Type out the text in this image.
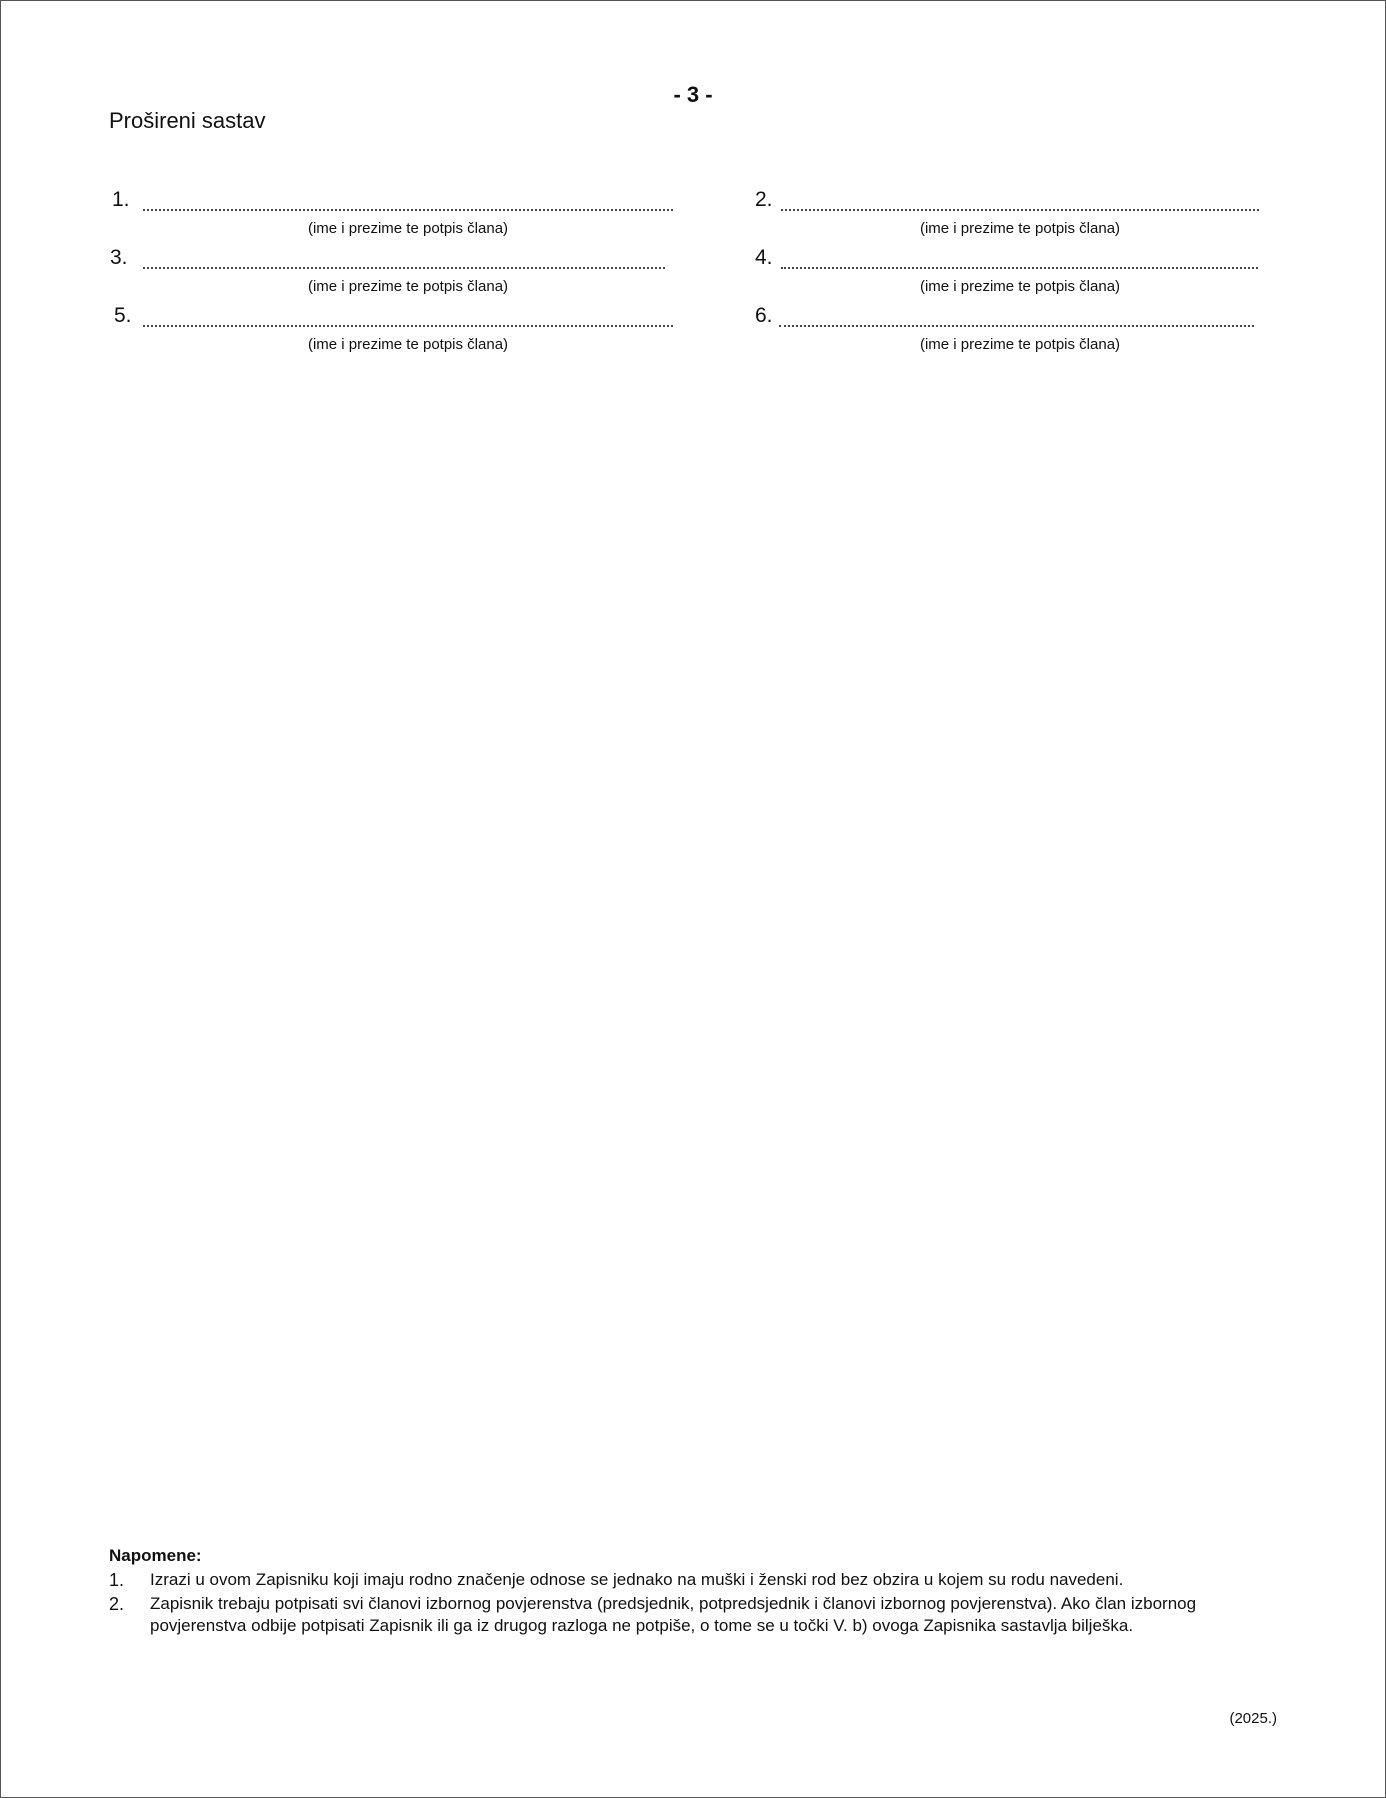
- 3 -
Prošireni sastav
1.
(ime i prezime te potpis člana)
3.
(ime i prezime te potpis člana)
5.
(ime i prezime te potpis člana)
2.
(ime i prezime te potpis člana)
4.
(ime i prezime te potpis člana)
6.
(ime i prezime te potpis člana)
Napomene:
1. Izrazi u ovom Zapisniku koji imaju rodno značenje odnose se jednako na muški i ženski rod bez obzira u kojem su rodu navedeni.
2. Zapisnik trebaju potpisati svi članovi izbornog povjerenstva (predsjednik, potpredsjednik i članovi izbornog povjerenstva). Ako član izbornog povjerenstva odbije potpisati Zapisnik ili ga iz drugog razloga ne potpiše, o tome se u točki V. b) ovoga Zapisnika sastavlja bilješka.
(2025.)
